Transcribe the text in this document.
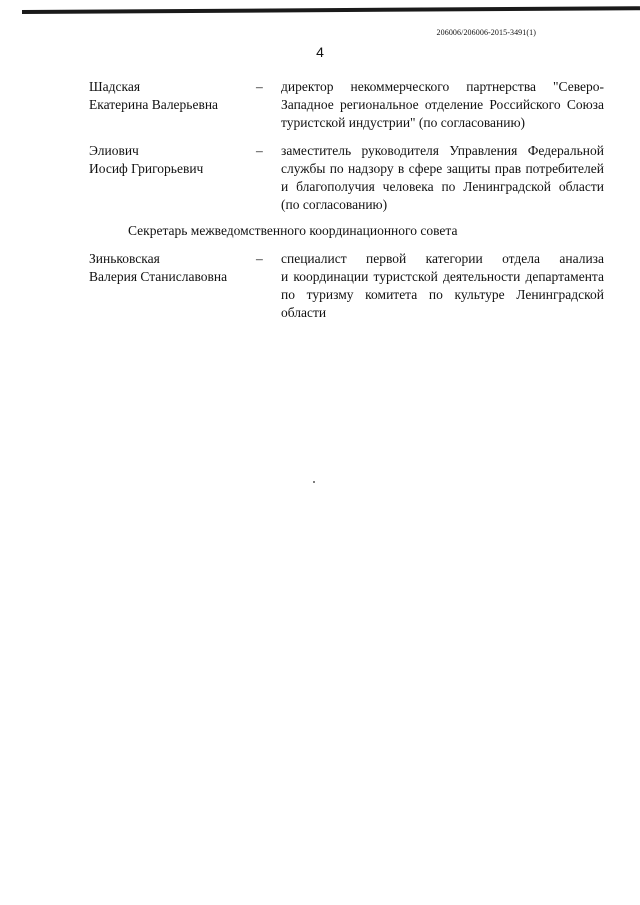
206006/206006-2015-3491(1)
4
Шадская
Екатерина Валерьевна
– директор некоммерческого партнерства "Северо-
Западное региональное отделение Российского Союза
туристской индустрии" (по согласованию)
Элиович
Иосиф Григорьевич
– заместитель руководителя Управления Федеральной
службы по надзору в сфере защиты прав потребителей
и благополучия человека по Ленинградской области
(по согласованию)
Секретарь межведомственного координационного совета
Зиньковская
Валерия Станиславовна
– специалист первой категории отдела анализа
и координации туристской деятельности департамента
по туризму комитета по культуре Ленинградской
области
